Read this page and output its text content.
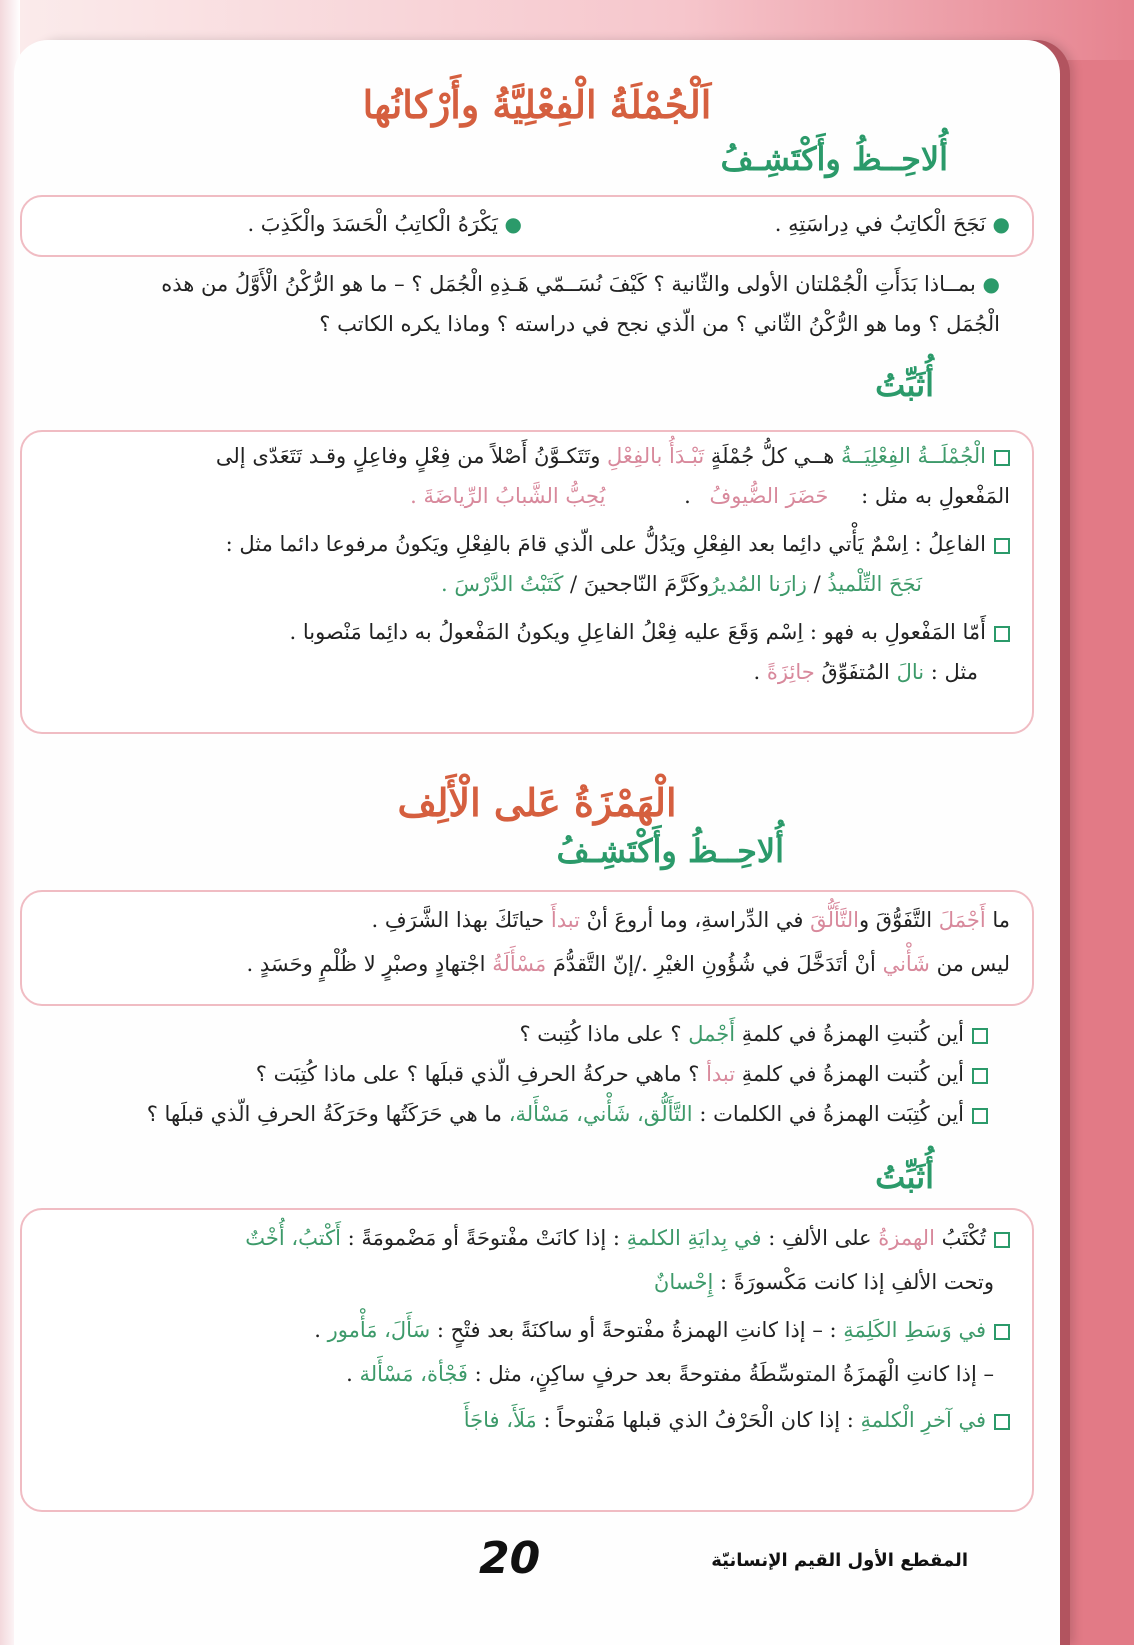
اَلْجُمْلَةُ الْفِعْلِيَّةُ وأَرْكانُها
أُلاحِــظُ وأَكْتَشِـفُ
● نَجَحَ الْكاتِبُ في دِراسَتِهِ .
● يَكْرَهُ الْكاتِبُ الْحَسَدَ والْكَذِبَ .
● بمــاذا بَدَأَتِ الْجُمْلتان الأولى والثّانية ؟ كَيْفَ نُسَــمّي هَـذِهِ الْجُمَل ؟ – ما هو الرُّكْنُ الْأَوَّلُ من هذه
الْجُمَل ؟ وما هو الرُّكْنُ الثّاني ؟ من الّذي نجح في دراسته ؟ وماذا يكره الكاتب ؟
أُثَبِّتُ
الْجُمْلَــةُ الفِعْلِيَــةُ هــي كلُّ جُمْلَةٍ تَبْـدَأُ بالفِعْلِ وتَتَكـوَّنُ أَصْلاً من فِعْلٍ وفاعِلٍ وقـد تَتَعَدّى إلى
المَفْعولِ به مثل : حَضَرَ الضُّيوفُ . يُحِبُّ الشَّبابُ الرِّياضَةَ .
الفاعِلُ : اِسْمٌ يَأْتي دائِما بعد الفِعْلِ ويَدُلُّ على الّذي قامَ بالفِعْلِ ويَكونُ مرفوعا دائما مثل :
نَجَحَ التِّلْميذُ / زارَنا المُديرُوكَرَّمَ النّاجحينَ / كَتَبْتُ الدَّرْسَ .
أَمّا المَفْعولِ به فهو : اِسْم وَقَعَ عليه فِعْلُ الفاعِلِ ويكونُ المَفْعولُ به دائِما مَنْصوبا .
مثل : نالَ المُتفَوِّقُ جائِزَةً .
الْهَمْزَةُ عَلى الْأَلِف
أُلاحِــظُ وأَكْتَشِـفُ
ما أَجْمَلَ التَّفَوُّقَ والتَّأَلُّقَ في الدِّراسةِ، وما أروعَ أنْ تبدأَ حياتَكَ بهذا الشَّرَفِ .
ليس من شَأْني أنْ أتَدَخَّلَ في شُؤُونِ الغيْرِ ./إنّ التَّقدُّمَ مَسْأَلَةُ اجْتهادٍ وصبْرٍ لا ظُلْمٍ وحَسَدٍ .
أين كُتبتِ الهمزةُ في كلمةِ أَجْمل ؟ على ماذا كُتِبت ؟
أين كُتبت الهمزةُ في كلمةِ تبدأ ؟ ماهي حركةُ الحرفِ الّذي قبلَها ؟ على ماذا كُتِبَت ؟
أين كُتِبَت الهمزةُ في الكلمات : التَّأَلُّق، شَأْني، مَسْأَلة، ما هي حَرَكَتُها وحَرَكَةُ الحرفِ الّذي قبلَها ؟
أُثَبِّتُ
تُكْتَبُ الهمزةُ على الألفِ : في بِدايَةِ الكلمةِ : إذا كانَتْ مفْتوحَةً أو مَضْمومَةً : أَكْتبُ، أُخْتٌ
وتحت الألفِ إذا كانت مَكْسورَةً : إِحْسانٌ
في وَسَطِ الكَلِمَةِ : – إذا كانتِ الهمزةُ مفْتوحةً أو ساكنَةً بعد فتْحٍ : سَأَلَ، مَأْمور .
– إذا كانتِ الْهَمزَةُ المتوسِّطَةُ مفتوحةً بعد حرفٍ ساكِنٍ، مثل : فَجْأة، مَسْأَلة .
في آخرِ الْكلمةِ : إذا كان الْحَرْفُ الذي قبلها مَفْتوحاً : مَلَأَ، فاجَأَ
20	المقطع الأول القيم الإنسانيّة
